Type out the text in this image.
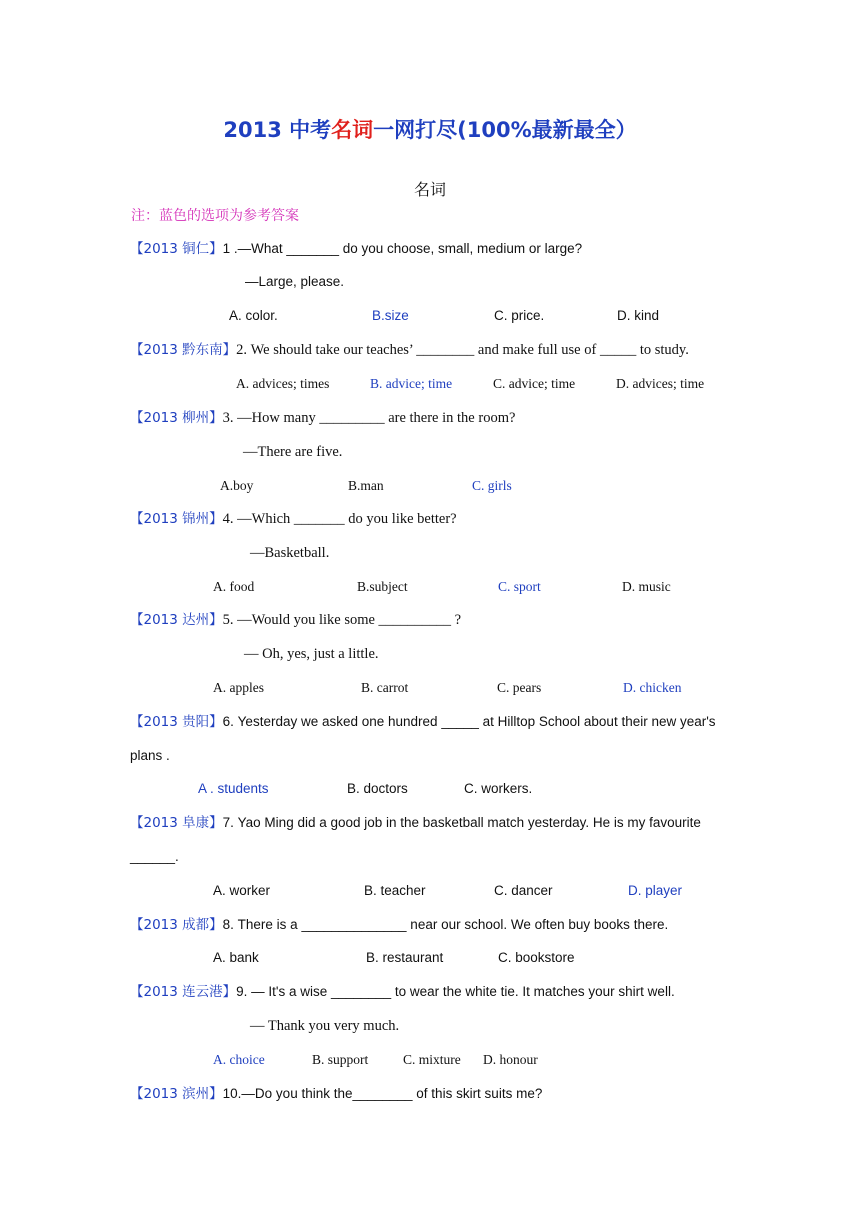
2013 中考名词一网打尽(100%最新最全）
名词
注：蓝色的选项为参考答案
【2013 铜仁】1 .—What _______ do you choose, small, medium or large?
—Large, please.
A. color.	B.size	C. price.	D. kind
【2013 黔东南】2. We should take our teaches’ ________ and make full use of _____ to study.
A. advices; times	B. advice; time	C. advice; time	D. advices; time
【2013 柳州】3. —How many _________ are there in the room?
—There are five.
A.boy	B.man	C. girls
【2013 锦州】4. —Which _______ do you like better?
—Basketball.
A. food	B.subject	C. sport	D. music
【2013 达州】5. —Would you like some __________ ?
— Oh, yes, just a little.
A. apples	B. carrot	C. pears	D. chicken
【2013 贵阳】6. Yesterday we asked one hundred _____ at Hilltop School about their new year's
plans .
A . students	B. doctors	C. workers.
【2013 阜康】7. Yao Ming did a good job in the basketball match yesterday. He is my favourite
______.
A. worker	B. teacher	C. dancer	D. player
【2013 成都】8. There is a ______________ near our school. We often buy books there.
A. bank	B. restaurant	C. bookstore
【2013 连云港】9. — It's a wise ________ to wear the white tie. It matches your shirt well.
— Thank you very much.
A. choice	B. support	C. mixture D. honour
【2013 滨州】10.—Do you think the________ of this skirt suits me?
